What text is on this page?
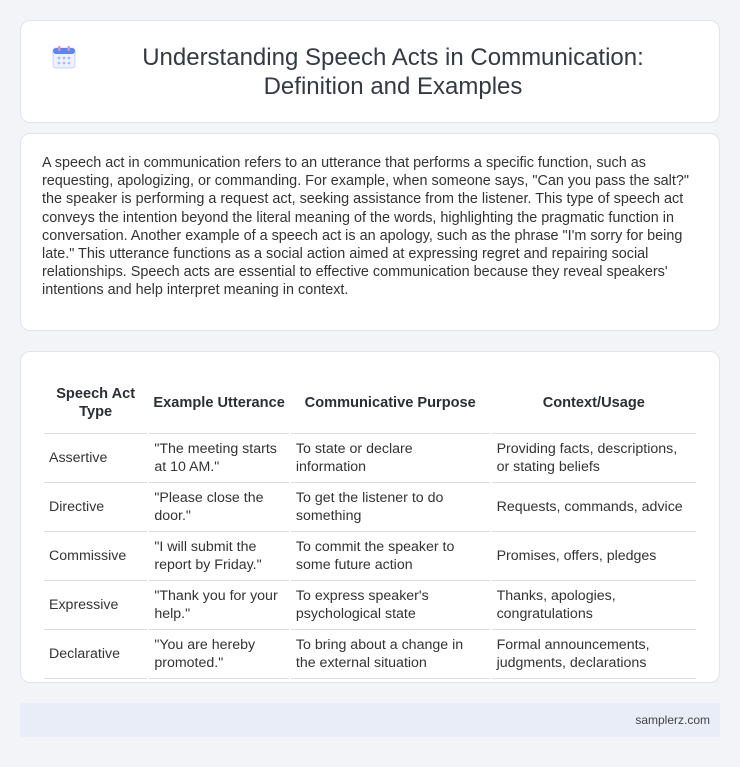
Understanding Speech Acts in Communication: Definition and Examples

A speech act in communication refers to an utterance that performs a specific function, such as requesting, apologizing, or commanding. For example, when someone says, "Can you pass the salt?" the speaker is performing a request act, seeking assistance from the listener. This type of speech act conveys the intention beyond the literal meaning of the words, highlighting the pragmatic function in conversation. Another example of a speech act is an apology, such as the phrase "I'm sorry for being late." This utterance functions as a social action aimed at expressing regret and repairing social relationships. Speech acts are essential to effective communication because they reveal speakers' intentions and help interpret meaning in context.

Speech Act Type	Example Utterance	Communicative Purpose	Context/Usage
Assertive	"The meeting starts at 10 AM."	To state or declare information	Providing facts, descriptions, or stating beliefs
Directive	"Please close the door."	To get the listener to do something	Requests, commands, advice
Commissive	"I will submit the report by Friday."	To commit the speaker to some future action	Promises, offers, pledges
Expressive	"Thank you for your help."	To express speaker's psychological state	Thanks, apologies, congratulations
Declarative	"You are hereby promoted."	To bring about a change in the external situation	Formal announcements, judgments, declarations
samplerz.com
